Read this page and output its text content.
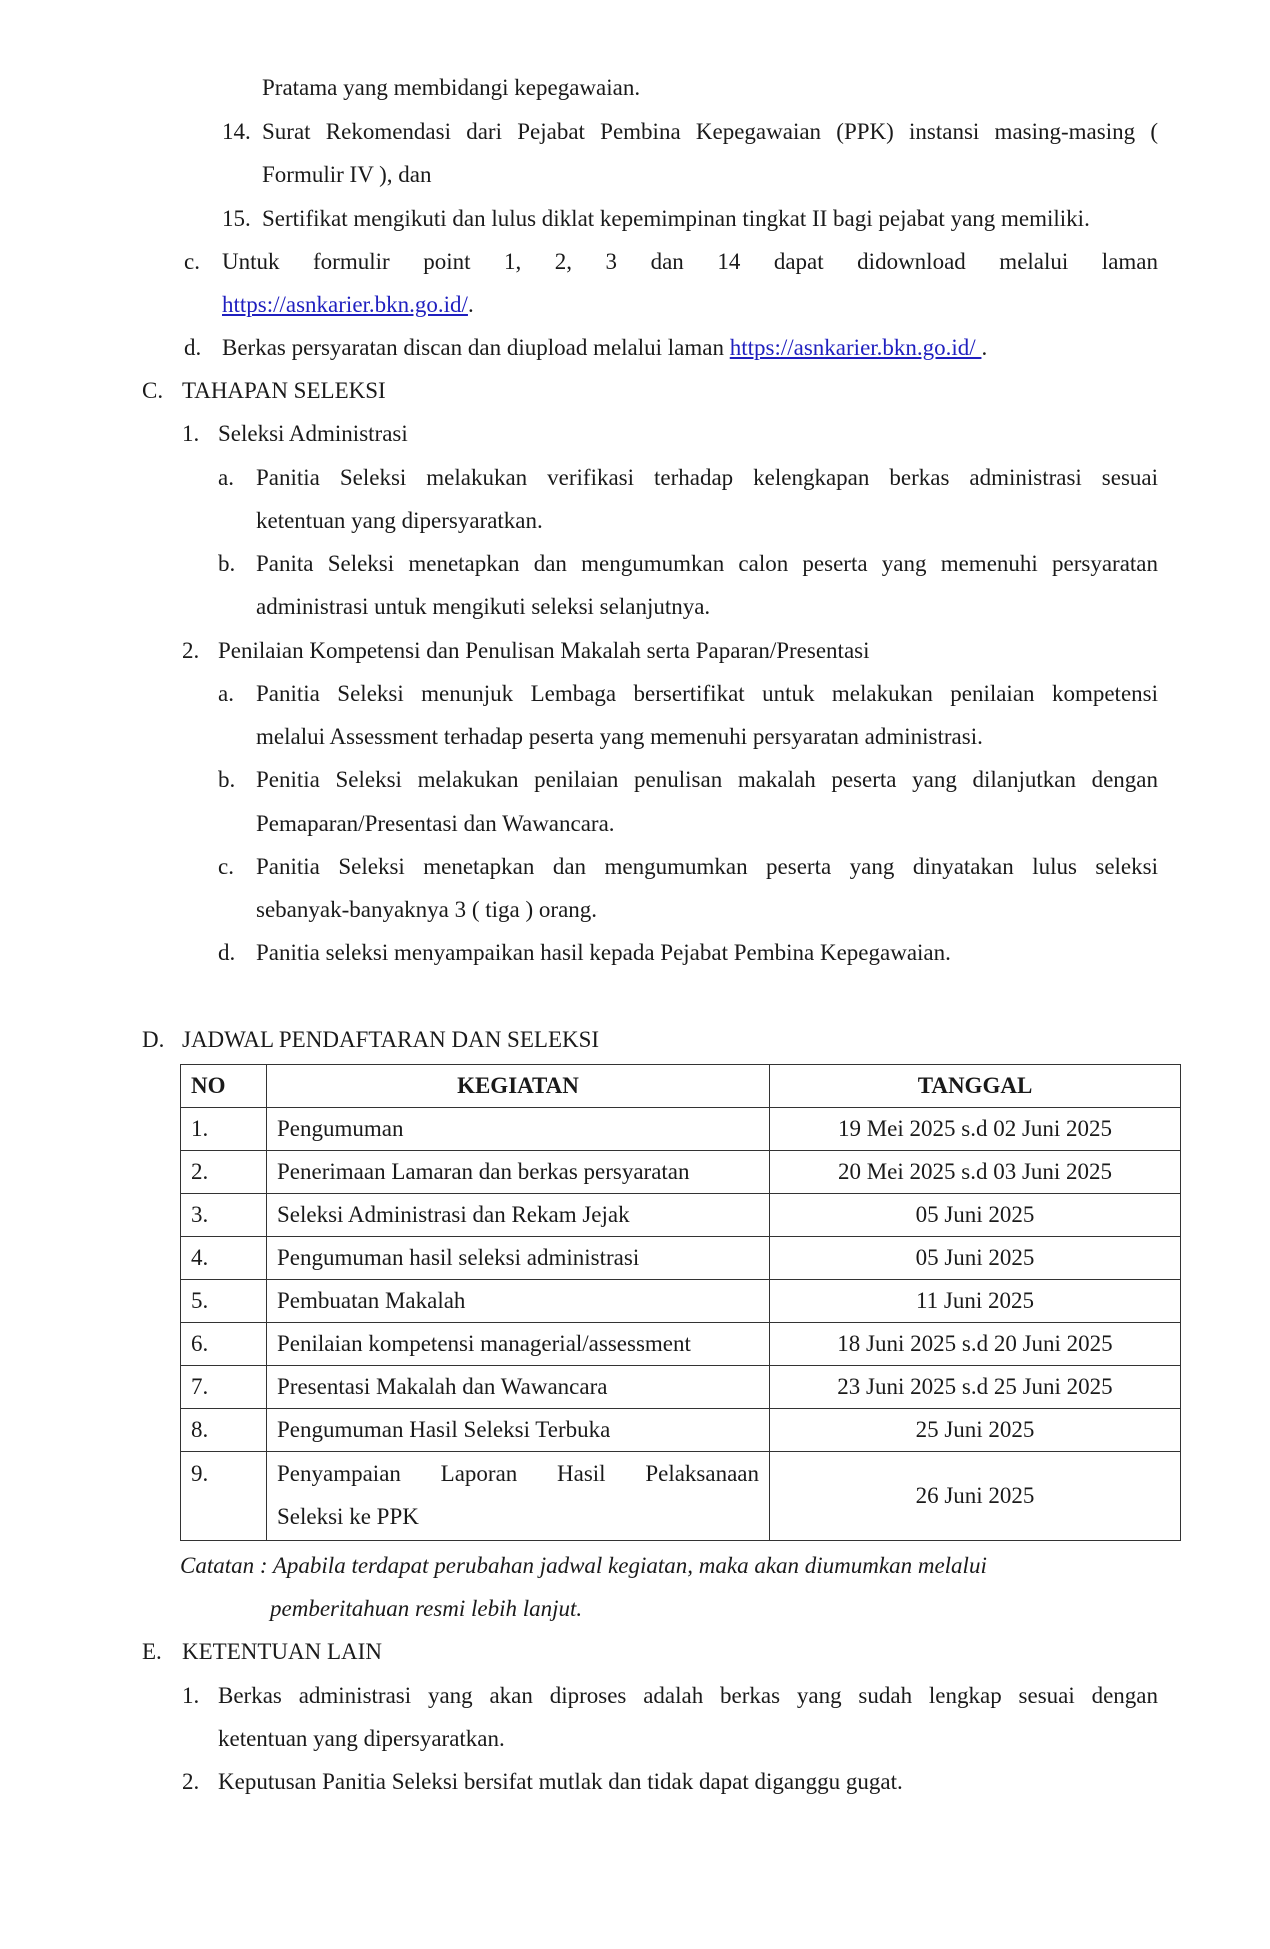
Pratama yang membidangi kepegawaian.
14. Surat Rekomendasi dari Pejabat Pembina Kepegawaian (PPK) instansi masing-masing (
Formulir IV ), dan
15. Sertifikat mengikuti dan lulus diklat kepemimpinan tingkat II bagi pejabat yang memiliki.
c. Untuk formulir point 1, 2, 3 dan 14 dapat didownload melalui laman
https://asnkarier.bkn.go.id/.
d. Berkas persyaratan discan dan diupload melalui laman https://asnkarier.bkn.go.id/ .
C. TAHAPAN SELEKSI
1. Seleksi Administrasi
a. Panitia Seleksi melakukan verifikasi terhadap kelengkapan berkas administrasi sesuai
ketentuan yang dipersyaratkan.
b. Panita Seleksi menetapkan dan mengumumkan calon peserta yang memenuhi persyaratan
administrasi untuk mengikuti seleksi selanjutnya.
2. Penilaian Kompetensi dan Penulisan Makalah serta Paparan/Presentasi
a. Panitia Seleksi menunjuk Lembaga bersertifikat untuk melakukan penilaian kompetensi
melalui Assessment terhadap peserta yang memenuhi persyaratan administrasi.
b. Penitia Seleksi melakukan penilaian penulisan makalah peserta yang dilanjutkan dengan
Pemaparan/Presentasi dan Wawancara.
c. Panitia Seleksi menetapkan dan mengumumkan peserta yang dinyatakan lulus seleksi
sebanyak-banyaknya 3 ( tiga ) orang.
d. Panitia seleksi menyampaikan hasil kepada Pejabat Pembina Kepegawaian.
D. JADWAL PENDAFTARAN DAN SELEKSI
NO	KEGIATAN	TANGGAL
1.	Pengumuman	19 Mei 2025 s.d 02 Juni 2025
2.	Penerimaan Lamaran dan berkas persyaratan	20 Mei 2025 s.d 03 Juni 2025
3.	Seleksi Administrasi dan Rekam Jejak	05 Juni 2025
4.	Pengumuman hasil seleksi administrasi	05 Juni 2025
5.	Pembuatan Makalah	11 Juni 2025
6.	Penilaian kompetensi managerial/assessment	18 Juni 2025 s.d 20 Juni 2025
7.	Presentasi Makalah dan Wawancara	23 Juni 2025 s.d 25 Juni 2025
8.	Pengumuman Hasil Seleksi Terbuka	25 Juni 2025
9.	Penyampaian Laporan Hasil Pelaksanaan
Seleksi ke PPK	26 Juni 2025
Catatan : Apabila terdapat perubahan jadwal kegiatan, maka akan diumumkan melalui
pemberitahuan resmi lebih lanjut.
E. KETENTUAN LAIN
1. Berkas administrasi yang akan diproses adalah berkas yang sudah lengkap sesuai dengan
ketentuan yang dipersyaratkan.
2. Keputusan Panitia Seleksi bersifat mutlak dan tidak dapat diganggu gugat.
